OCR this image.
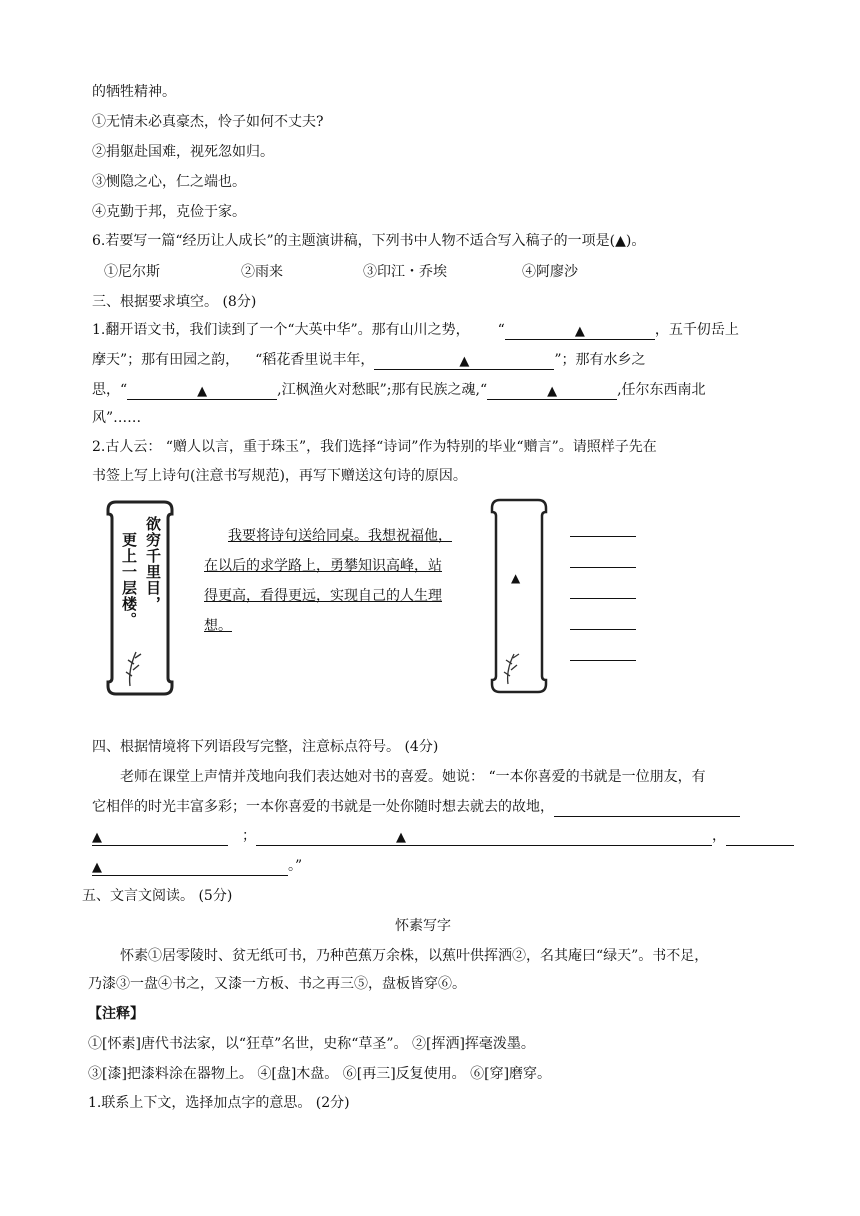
的牺牲精神。
①无情未必真豪杰，怜子如何不丈夫?
②捐躯赴国难，视死忽如归。
③恻隐之心，仁之端也。
④克勤于邦，克俭于家。
6.若要写一篇“经历让人成长”的主题演讲稿，下列书中人物不适合写入稿子的一项是(▲)。
①尼尔斯	②雨来	③印江・乔埃	④阿廖沙
三、根据要求填空。 (8分)
1.翻开语文书，我们读到了一个“大英中华”。那有山川之势， “	▲	，五千仞岳上
摩天”；那有田园之韵， “稻花香里说丰年，	▲	”；那有水乡之
思，“	▲	,江枫渔火对愁眠”;那有民族之魂,“	▲	,任尔东西南北
风”……
2.古人云： “赠人以言，重于珠玉”，我们选择“诗词”作为特别的毕业“赠言”。请照样子先在
书签上写上诗句(注意书写规范)，再写下赠送这句诗的原因。
欲穷千里目，
更上一层楼。	我要将诗句送给同桌。我想祝福他，
在以后的求学路上，勇攀知识高峰，站
得更高，看得更远，实现自己的人生理
想。
▲
四、根据情境将下列语段写完整，注意标点符号。 (4分)
老师在课堂上声情并茂地向我们表达她对书的喜爱。她说： “一本你喜爱的书就是一位朋友，有
它相伴的时光丰富多彩；一本你喜爱的书就是一处你随时想去就去的故地，
▲	；	▲	，
▲	。”
五、文言文阅读。 (5分)
怀素写字
怀素①居零陵时、贫无纸可书，乃种芭蕉万余株，以蕉叶供挥洒②，名其庵曰“绿天”。书不足，
乃漆③一盘④书之，又漆一方板、书之再三⑤，盘板皆穿⑥。
【注释】
①[怀素]唐代书法家，以“狂草”名世，史称“草圣”。 ②[挥洒]挥毫泼墨。
③[漆]把漆料涂在器物上。 ④[盘]木盘。 ⑥[再三]反复使用。 ⑥[穿]磨穿。
1.联系上下文，选择加点字的意思。 (2分)
